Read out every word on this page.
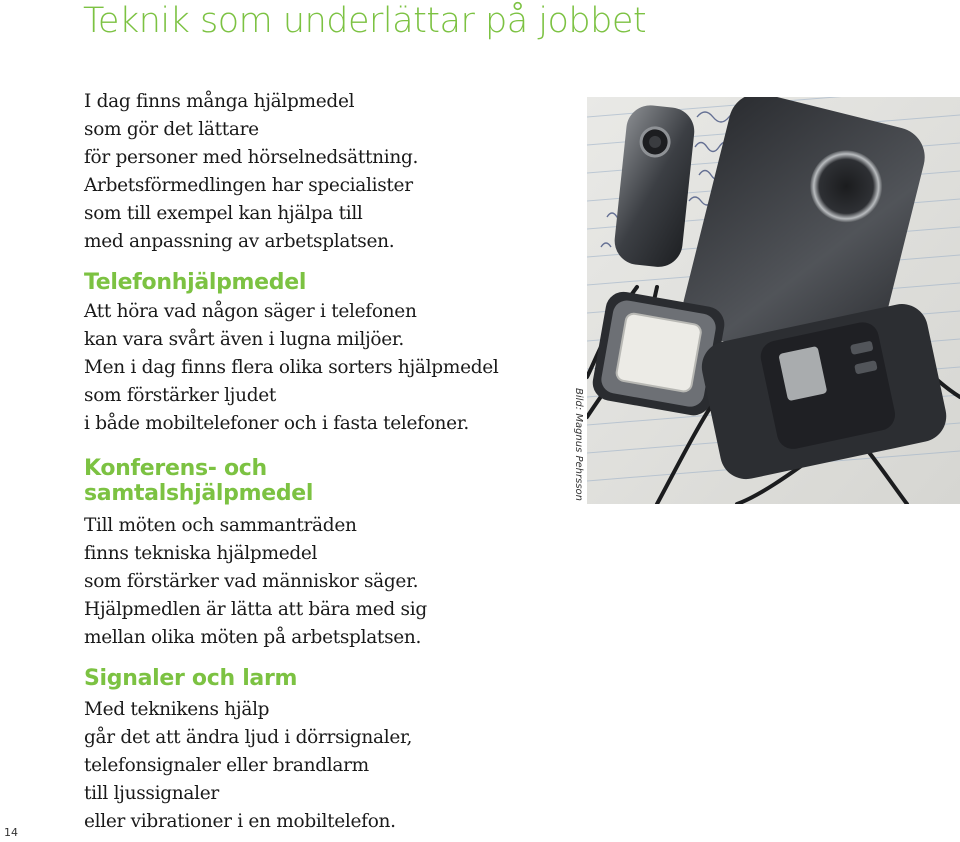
Teknik som underlättar på jobbet

I dag finns många hjälpmedel
som gör det lättare
för personer med hörselnedsättning.
Arbetsförmedlingen har specialister
som till exempel kan hjälpa till
med anpassning av arbetsplatsen.

Telefonhjälpmedel

Att höra vad någon säger i telefonen
kan vara svårt även i lugna miljöer.
Men i dag finns flera olika sorters hjälpmedel
som förstärker ljudet
i både mobiltelefoner och i fasta telefoner.

Konferens- och
samtalshjälpmedel

Till möten och sammanträden
finns tekniska hjälpmedel
som förstärker vad människor säger.
Hjälpmedlen är lätta att bära med sig
mellan olika möten på arbetsplatsen.

Signaler och larm

Med teknikens hjälp
går det att ändra ljud i dörrsignaler,
telefonsignaler eller brandlarm
till ljussignaler
eller vibrationer i en mobiltelefon.

Bild: Magnus Pehrsson
14
